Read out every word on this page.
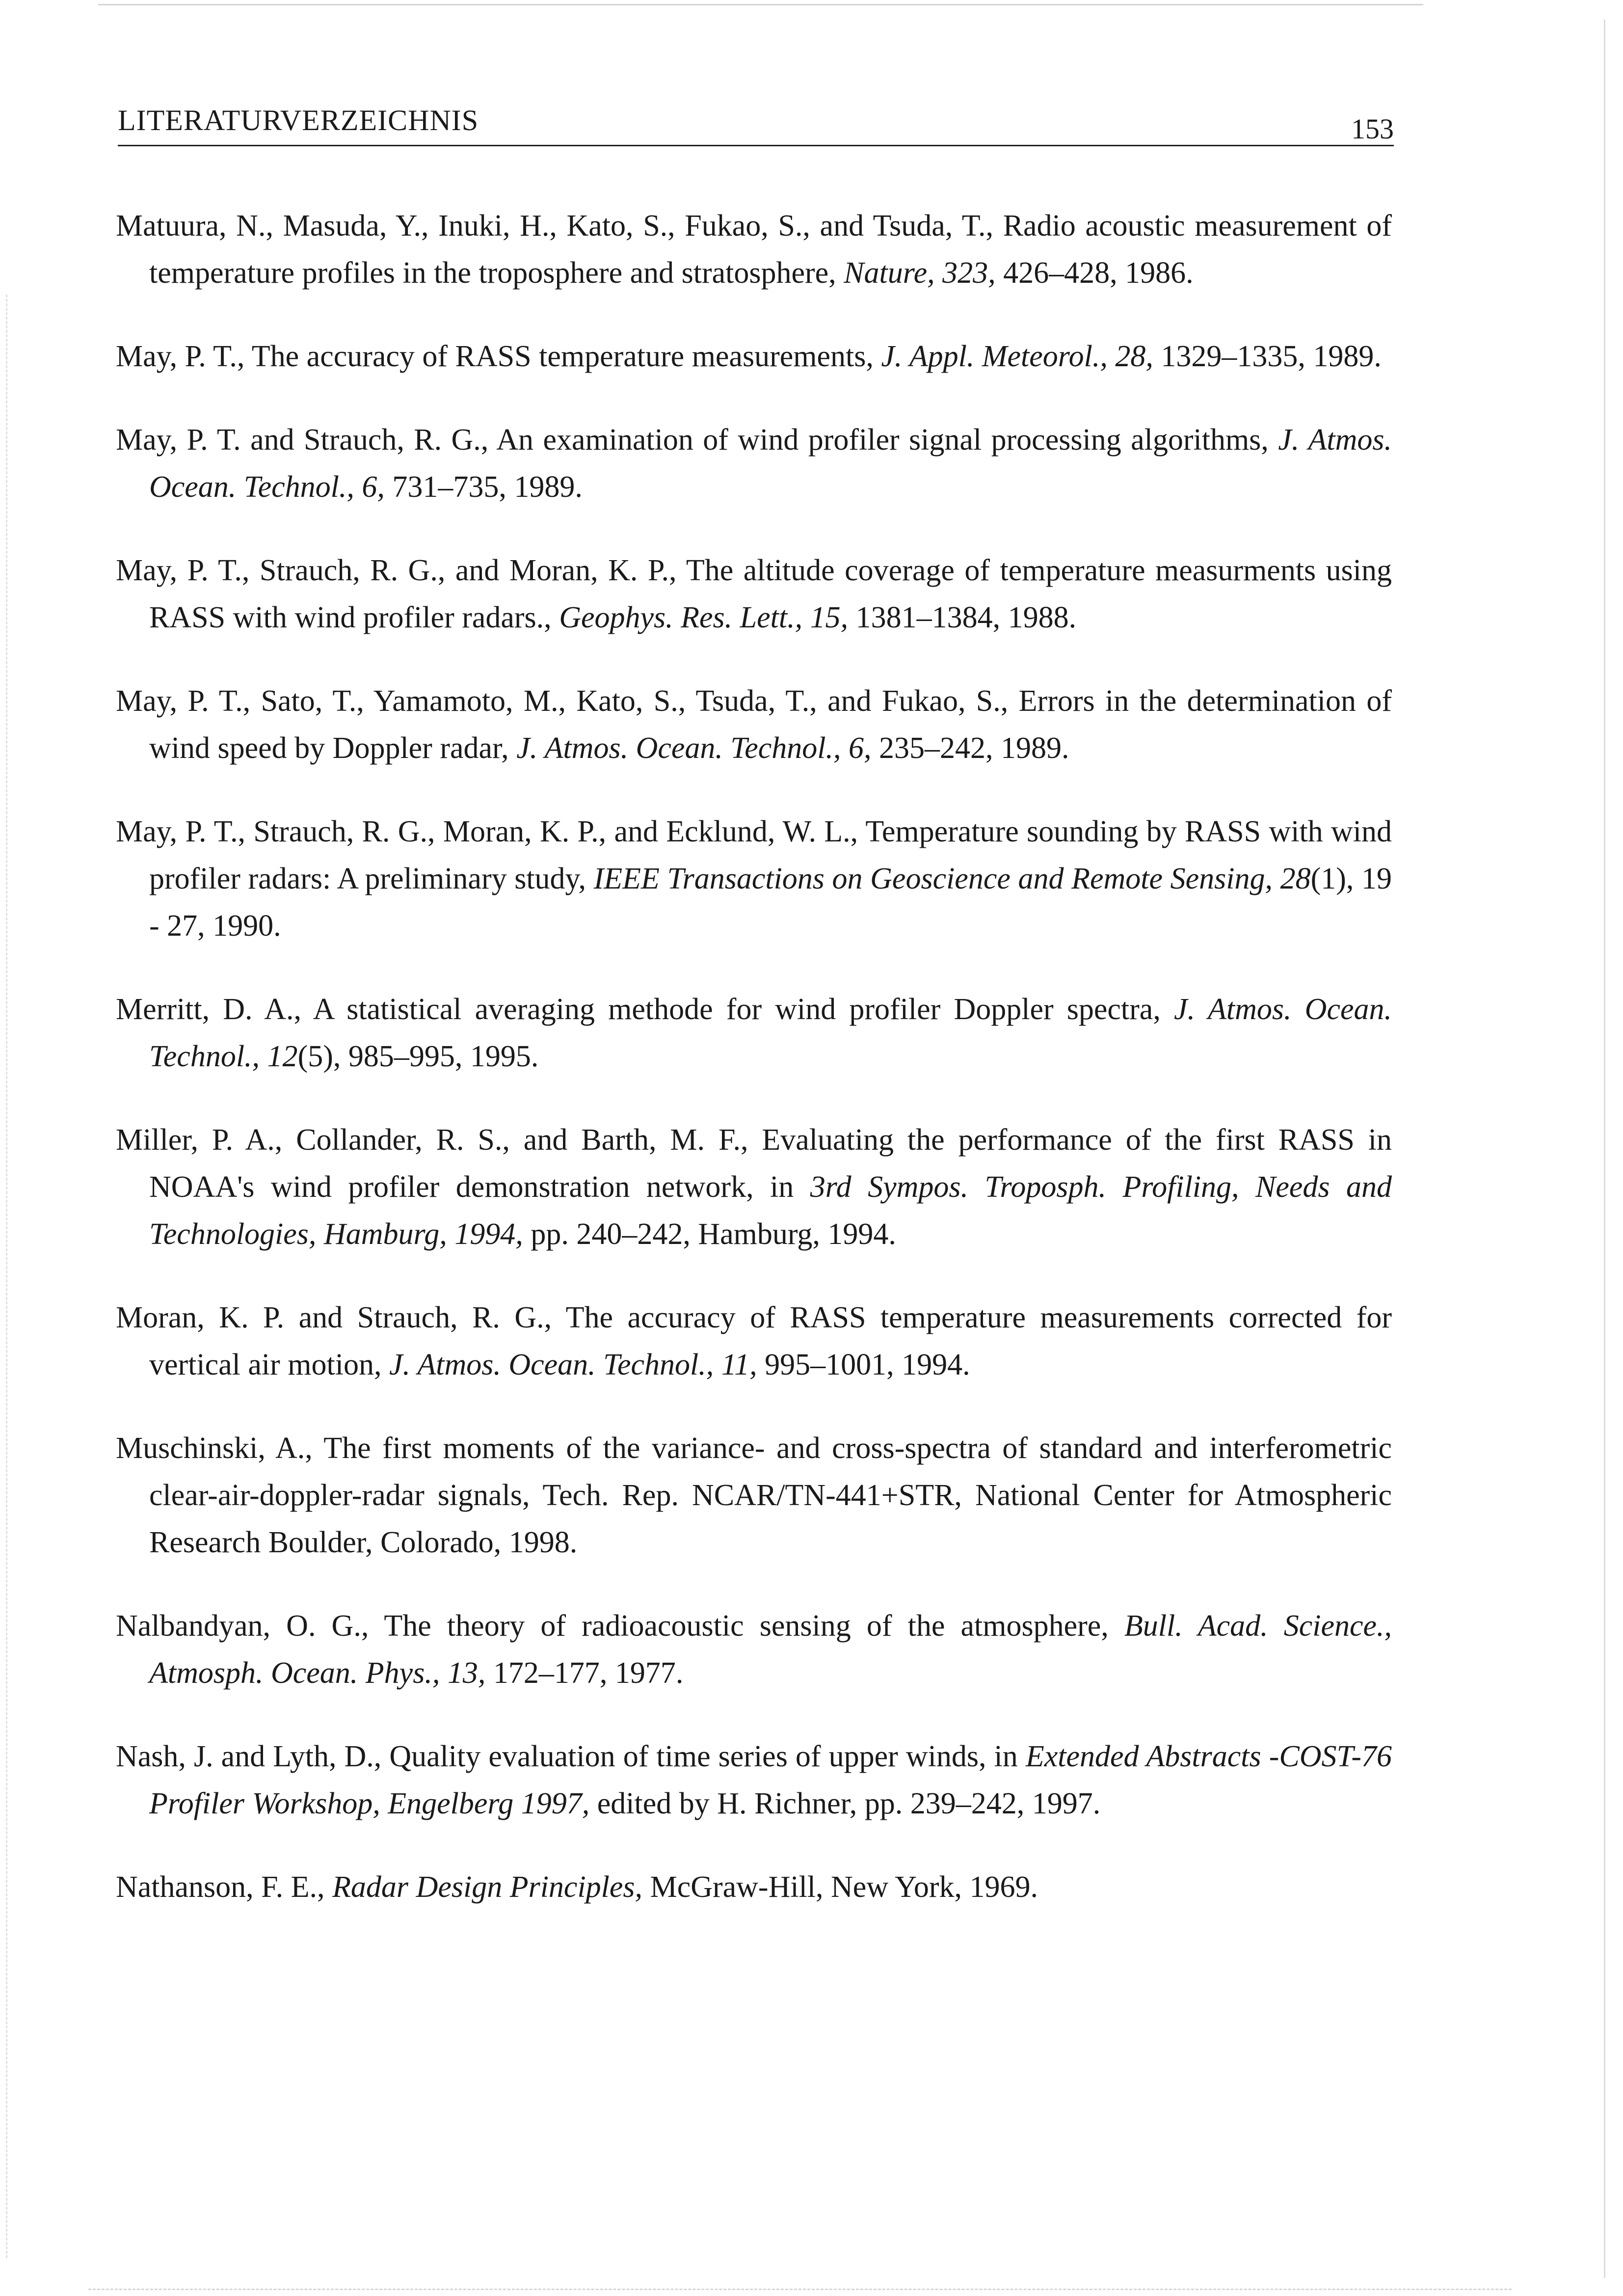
LITERATURVERZEICHNIS	153
Matuura, N., Masuda, Y., Inuki, H., Kato, S., Fukao, S., and Tsuda, T., Radio acoustic measurement of temperature profiles in the troposphere and stratosphere, Nature, 323, 426–428, 1986.
May, P. T., The accuracy of RASS temperature measurements, J. Appl. Meteorol., 28, 1329–1335, 1989.
May, P. T. and Strauch, R. G., An examination of wind profiler signal processing algorithms, J. Atmos. Ocean. Technol., 6, 731–735, 1989.
May, P. T., Strauch, R. G., and Moran, K. P., The altitude coverage of temperature measurments using RASS with wind profiler radars., Geophys. Res. Lett., 15, 1381–1384, 1988.
May, P. T., Sato, T., Yamamoto, M., Kato, S., Tsuda, T., and Fukao, S., Errors in the determination of wind speed by Doppler radar, J. Atmos. Ocean. Technol., 6, 235–242, 1989.
May, P. T., Strauch, R. G., Moran, K. P., and Ecklund, W. L., Temperature sounding by RASS with wind profiler radars: A preliminary study, IEEE Transactions on Geoscience and Remote Sensing, 28(1), 19 - 27, 1990.
Merritt, D. A., A statistical averaging methode for wind profiler Doppler spectra, J. Atmos. Ocean. Technol., 12(5), 985–995, 1995.
Miller, P. A., Collander, R. S., and Barth, M. F., Evaluating the performance of the first RASS in NOAA's wind profiler demonstration network, in 3rd Sympos. Troposph. Profiling, Needs and Technologies, Hamburg, 1994, pp. 240–242, Hamburg, 1994.
Moran, K. P. and Strauch, R. G., The accuracy of RASS temperature measurements corrected for vertical air motion, J. Atmos. Ocean. Technol., 11, 995–1001, 1994.
Muschinski, A., The first moments of the variance- and cross-spectra of standard and interferometric clear-air-doppler-radar signals, Tech. Rep. NCAR/TN-441+STR, National Center for Atmospheric Research Boulder, Colorado, 1998.
Nalbandyan, O. G., The theory of radioacoustic sensing of the atmosphere, Bull. Acad. Science., Atmosph. Ocean. Phys., 13, 172–177, 1977.
Nash, J. and Lyth, D., Quality evaluation of time series of upper winds, in Extended Abstracts -COST-76 Profiler Workshop, Engelberg 1997, edited by H. Richner, pp. 239–242, 1997.
Nathanson, F. E., Radar Design Principles, McGraw-Hill, New York, 1969.
